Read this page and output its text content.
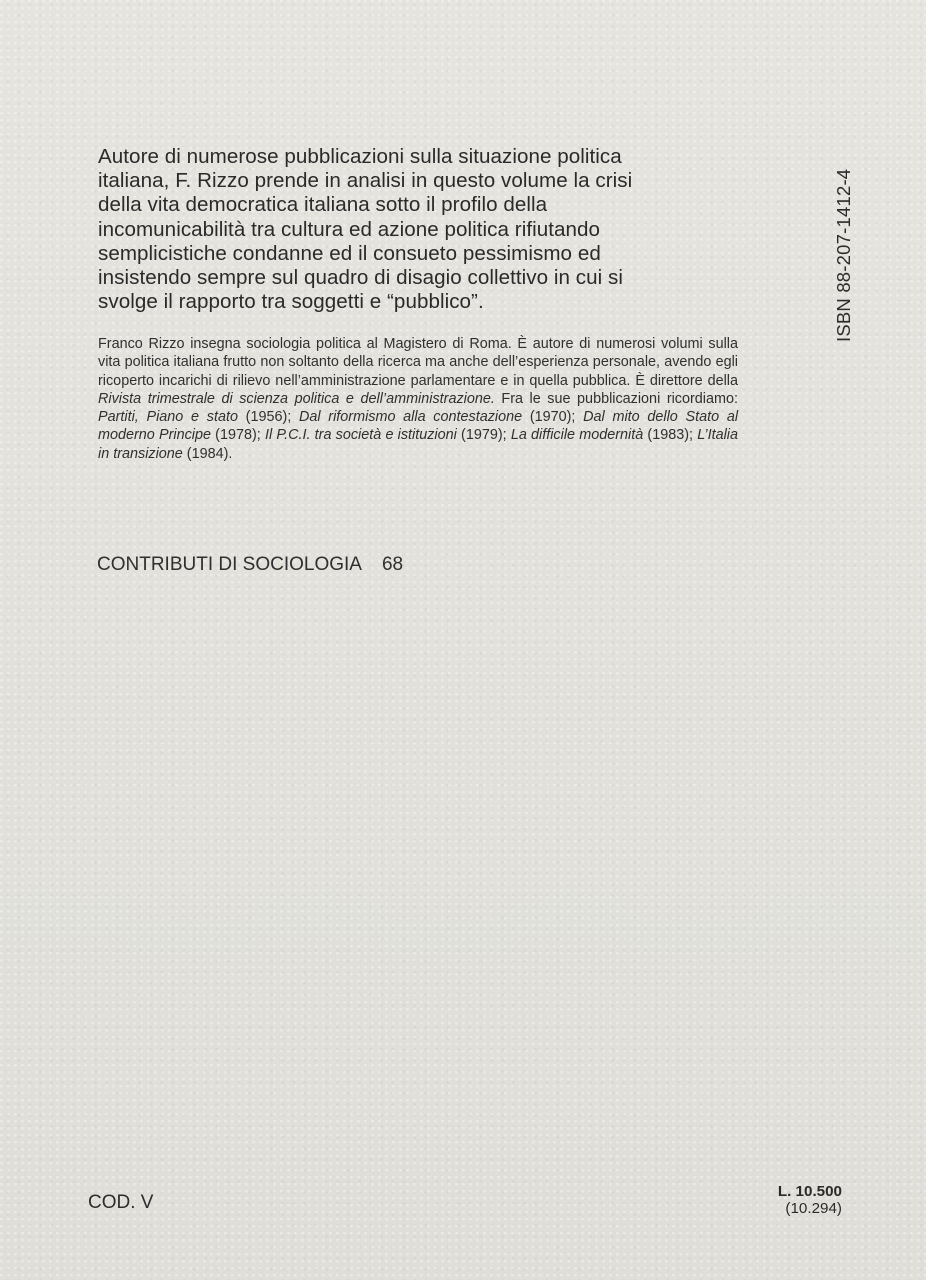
Autore di numerose pubblicazioni sulla situazione politica
italiana, F. Rizzo prende in analisi in questo volume la crisi
della vita democratica italiana sotto il profilo della
incomunicabilità tra cultura ed azione politica rifiutando
semplicistiche condanne ed il consueto pessimismo ed
insistendo sempre sul quadro di disagio collettivo in cui si
svolge il rapporto tra soggetti e “pubblico”.

Franco Rizzo insegna sociologia politica al Magistero di Roma. È autore di numerosi volumi sulla vita politica italiana frutto non soltanto della ricerca ma anche dell’esperienza personale, avendo egli ricoperto incarichi di rilievo nell’amministrazione parlamentare e in quella pubblica. È direttore della Rivista trimestrale di scienza politica e dell’amministrazione. Fra le sue pubblicazioni ricordiamo: Partiti, Piano e stato (1956); Dal riformismo alla contestazione (1970); Dal mito dello Stato al moderno Principe (1978); Il P.C.I. tra società e istituzioni (1979); La difficile modernità (1983); L’Italia in transizione (1984).

CONTRIBUTI DI SOCIOLOGIA 68

ISBN 88-207-1412-4

COD. V

L. 10.500
(10.294)
